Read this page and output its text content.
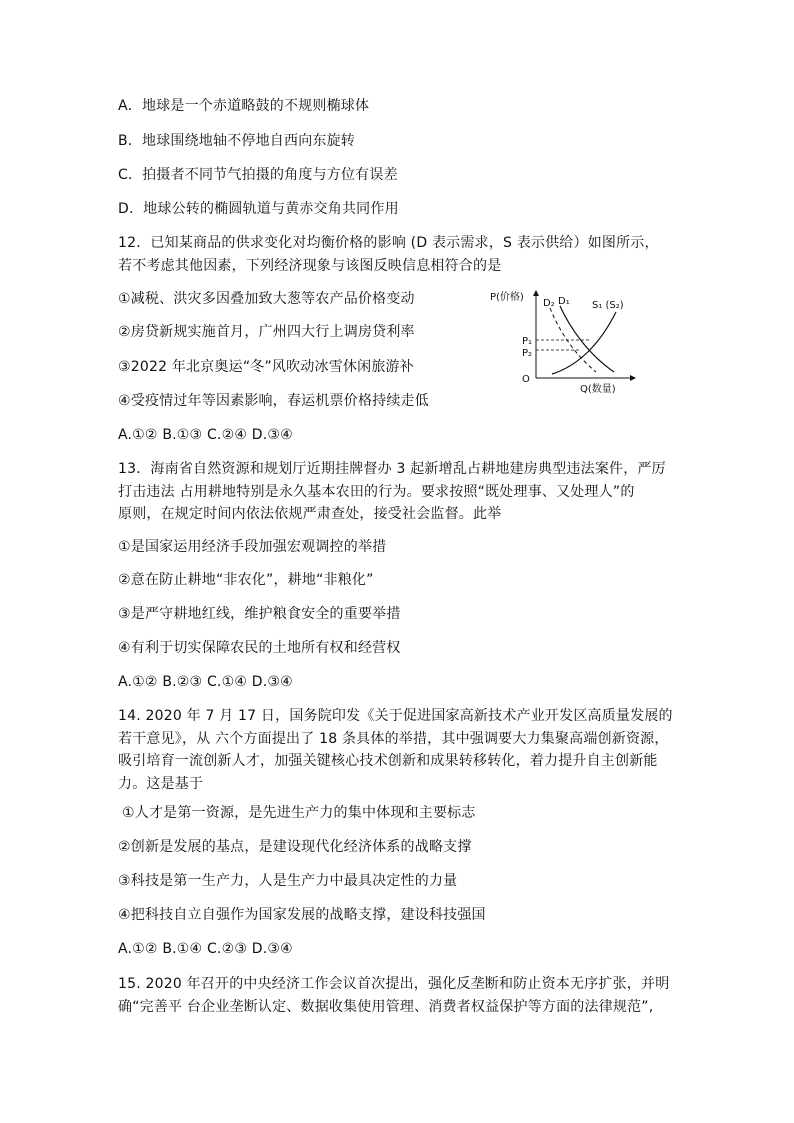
A．地球是一个赤道略鼓的不规则椭球体
B．地球围绕地轴不停地自西向东旋转
C．拍摄者不同节气拍摄的角度与方位有误差
D．地球公转的椭圆轨道与黄赤交角共同作用
12．已知某商品的供求变化对均衡价格的影响 (D 表示需求，S 表示供给）如图所示，
若不考虑其他因素，下列经济现象与该图反映信息相符合的是
①减税、洪灾多因叠加致大葱等农产品价格变动
②房贷新规实施首月，广州四大行上调房贷利率
③2022 年北京奥运“冬”风吹动冰雪休闲旅游补
④受疫情过年等因素影响，春运机票价格持续走低
A.①② B.①③ C.②④ D.③④
P(价格)
Q(数量)
D₂ D₁ S₁ (S₂)
P₁
P₂
O
13．海南省自然资源和规划厅近期挂牌督办 3 起新增乱占耕地建房典型违法案件，严厉
打击违法 占用耕地特别是永久基本农田的行为。要求按照“既处理事、又处理人”的
原则，在规定时间内依法依规严肃查处，接受社会监督。此举
①是国家运用经济手段加强宏观调控的举措
②意在防止耕地“非农化”，耕地“非粮化”
③是严守耕地红线，维护粮食安全的重要举措
④有利于切实保障农民的土地所有权和经营权
A.①② B.②③ C.①④ D.③④
14. 2020 年 7 月 17 日，国务院印发《关于促进国家高新技术产业开发区高质量发展的
若干意见》，从 六个方面提出了 18 条具体的举措，其中强调要大力集聚高端创新资源，
吸引培育一流创新人才，加强关键核心技术创新和成果转移转化，着力提升自主创新能
力。这是基于
①人才是第一资源，是先进生产力的集中体现和主要标志
②创新是发展的基点，是建设现代化经济体系的战略支撑
③科技是第一生产力，人是生产力中最具决定性的力量
④把科技自立自强作为国家发展的战略支撑，建设科技强国
A.①② B.①④ C.②③ D.③④
15. 2020 年召开的中央经济工作会议首次提出，强化反垄断和防止资本无序扩张，并明
确“完善平 台企业垄断认定、数据收集使用管理、消费者权益保护等方面的法律规范”,
